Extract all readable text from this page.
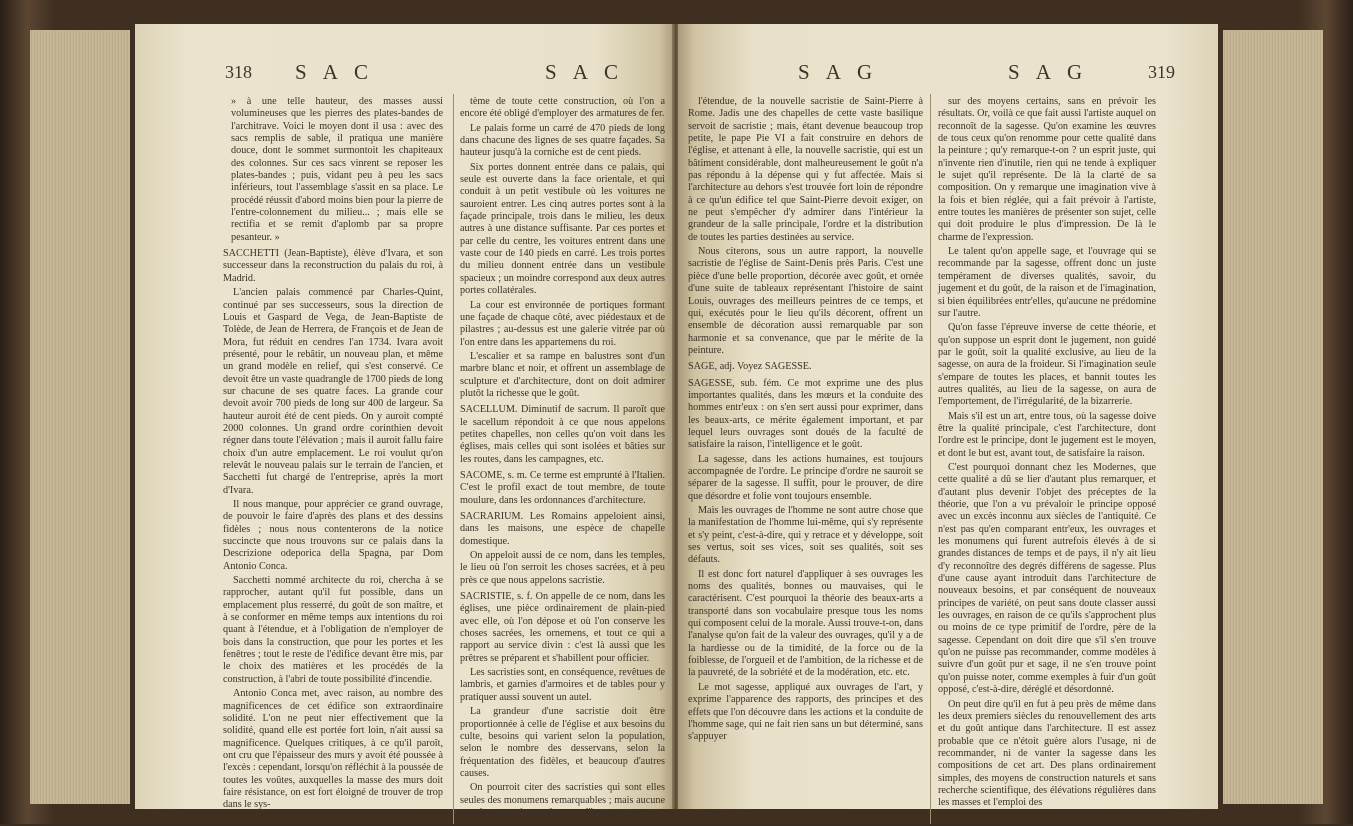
318 S A C	S A C

» à une telle hauteur, des masses aussi volumineuses que les pierres des plates-bandes de l'architrave. Voici le moyen dont il usa : avec des sacs remplis de sable, il pratiqua une manière douce, dont le sommet surmontoit les chapiteaux des colonnes. Sur ces sacs vinrent se reposer les plates-bandes ; puis, vidant peu à peu les sacs inférieurs, tout l'assemblage s'assit en sa place. Le procédé réussit d'abord moins bien pour la pierre de l'entre-colonnement du milieu... ; mais elle se rectifia et se remit d'aplomb par sa propre pesanteur. »

SACCHETTI (Jean-Baptiste), élève d'Ivara, et son successeur dans la reconstruction du palais du roi, à Madrid.

L'ancien palais commencé par Charles-Quint, continué par ses successeurs, sous la direction de Louis et Gaspard de Vega, de Jean-Baptiste de Tolède, de Jean de Herrera, de François et de Jean de Mora, fut réduit en cendres l'an 1734. Ivara avoit présenté, pour le rebâtir, un nouveau plan, et même un grand modèle en relief, qui s'est conservé. Ce devoit être un vaste quadrangle de 1700 pieds de long sur chacune de ses quatre faces. La grande cour devoit avoir 700 pieds de long sur 400 de largeur. Sa hauteur auroit été de cent pieds. On y auroit compté 2000 colonnes. Un grand ordre corinthien devoit régner dans toute l'élévation ; mais il auroit fallu faire choix d'un autre emplacement. Le roi voulut qu'on relevât le nouveau palais sur le terrain de l'ancien, et Sacchetti fut chargé de l'entreprise, après la mort d'Ivara.

Il nous manque, pour apprécier ce grand ouvrage, de pouvoir le faire d'après des plans et des dessins fidèles ; nous nous contenterons de la notice succincte que nous trouvons sur ce palais dans la Descrizione odeporica della Spagna, par Dom Antonio Conca.

Sacchetti nommé architecte du roi, chercha à se rapprocher, autant qu'il fut possible, dans un emplacement plus resserré, du goût de son maître, et à se conformer en même temps aux intentions du roi quant à l'étendue, et à l'obligation de n'employer de bois dans la construction, que pour les portes et les fenêtres ; tout le reste de l'édifice devant être mis, par le choix des matières et les procédés de la construction, à l'abri de toute possibilité d'incendie.

Antonio Conca met, avec raison, au nombre des magnificences de cet édifice son extraordinaire solidité. L'on ne peut nier effectivement que la solidité, quand elle est portée fort loin, n'ait aussi sa magnificence. Quelques critiques, à ce qu'il paroît, ont cru que l'épaisseur des murs y avoit été poussée à l'excès : cependant, lorsqu'on réfléchit à la poussée de toutes les voûtes, auxquelles la masse des murs doit faire résistance, on est fort éloigné de trouver de trop dans le sys-

tème de toute cette construction, où l'on a encore été obligé d'employer des armatures de fer.

Le palais forme un carré de 470 pieds de long dans chacune des lignes de ses quatre façades. Sa hauteur jusqu'à la corniche est de cent pieds.

Six portes donnent entrée dans ce palais, qui seule est ouverte dans la face orientale, et qui conduit à un petit vestibule où les voitures ne sauroient entrer. Les cinq autres portes sont à la façade principale, trois dans le milieu, les deux autres à une distance suffisante. Par ces portes et par celle du centre, les voitures entrent dans une vaste cour de 140 pieds en carré. Les trois portes du milieu donnent entrée dans un vestibule spacieux ; un moindre correspond aux deux autres portes collatérales.

La cour est environnée de portiques formant une façade de chaque côté, avec piédestaux et de pilastres ; au-dessus est une galerie vitrée par où l'on entre dans les appartemens du roi.

L'escalier et sa rampe en balustres sont d'un marbre blanc et noir, et offrent un assemblage de sculpture et d'architecture, dont on doit admirer plutôt la richesse que le goût.

SACELLUM. Diminutif de sacrum. Il paroît que le sacellum répondoit à ce que nous appelons petites chapelles, non celles qu'on voit dans les églises, mais celles qui sont isolées et bâties sur les routes, dans les campagnes, etc.

SACOME, s. m. Ce terme est emprunté à l'Italien. C'est le profil exact de tout membre, de toute moulure, dans les ordonnances d'architecture.

SACRARIUM. Les Romains appeloient ainsi, dans les maisons, une espèce de chapelle domestique.

On appeloit aussi de ce nom, dans les temples, le lieu où l'on serroit les choses sacrées, et à peu près ce que nous appelons sacristie.

SACRISTIE, s. f. On appelle de ce nom, dans les églises, une pièce ordinairement de plain-pied avec elle, où l'on dépose et où l'on conserve les choses sacrées, les ornemens, et tout ce qui a rapport au service divin : c'est là aussi que les prêtres se préparent et s'habillent pour officier.

Les sacristies sont, en conséquence, revêtues de lambris, et garnies d'armoires et de tables pour y pratiquer aussi souvent un autel.

La grandeur d'une sacristie doit être proportionnée à celle de l'église et aux besoins du culte, besoins qui varient selon la population, selon le nombre des desservans, selon la fréquentation des fidèles, et beaucoup d'autres causes.

On pourroit citer des sacristies qui sont elles seules des monumens remarquables ; mais aucune certainement n'approche, pour l'importance et

S A G	S A G	319

l'étendue, de la nouvelle sacristie de Saint-Pierre à Rome. Jadis une des chapelles de cette vaste basilique servoit de sacristie ; mais, étant devenue beaucoup trop petite, le pape Pie VI a fait construire en dehors de l'église, et attenant à elle, la nouvelle sacristie, qui est un bâtiment considérable, dont malheureusement le goût n'a pas répondu à la dépense qui y fut affectée. Mais si l'architecture au dehors s'est trouvée fort loin de répondre à ce qu'un édifice tel que Saint-Pierre devoit exiger, on ne peut s'empêcher d'y admirer dans l'intérieur la grandeur de la salle principale, l'ordre et la distribution de toutes les parties destinées au service.

Nous citerons, sous un autre rapport, la nouvelle sacristie de l'église de Saint-Denis près Paris. C'est une pièce d'une belle proportion, décorée avec goût, et ornée d'une suite de tableaux représentant l'histoire de saint Louis, ouvrages des meilleurs peintres de ce temps, et qui, exécutés pour le lieu qu'ils décorent, offrent un ensemble de décoration aussi remarquable par son harmonie et sa convenance, que par le mérite de la peinture.

SAGE, adj. Voyez SAGESSE.

SAGESSE, sub. fém. Ce mot exprime une des plus importantes qualités, dans les mœurs et la conduite des hommes entr'eux : on s'en sert aussi pour exprimer, dans les beaux-arts, ce mérite également important, et par lequel leurs ouvrages sont doués de la faculté de satisfaire la raison, l'intelligence et le goût.

La sagesse, dans les actions humaines, est toujours accompagnée de l'ordre. Le principe d'ordre ne sauroit se séparer de la sagesse. Il suffit, pour le prouver, de dire que désordre et folie vont toujours ensemble.

Mais les ouvrages de l'homme ne sont autre chose que la manifestation de l'homme lui-même, qui s'y représente et s'y peint, c'est-à-dire, qui y retrace et y développe, soit ses vertus, soit ses vices, soit ses qualités, soit ses défauts.

Il est donc fort naturel d'appliquer à ses ouvrages les noms des qualités, bonnes ou mauvaises, qui le caractérisent. C'est pourquoi la théorie des beaux-arts a transporté dans son vocabulaire presque tous les noms qui composent celui de la morale. Aussi trouve-t-on, dans l'analyse qu'on fait de la valeur des ouvrages, qu'il y a de la hardiesse ou de la timidité, de la force ou de la foiblesse, de l'orgueil et de l'ambition, de la richesse et de la pauvreté, de la sobriété et de la modération, etc. etc.

Le mot sagesse, appliqué aux ouvrages de l'art, y exprime l'apparence des rapports, des principes et des effets que l'on découvre dans les actions et la conduite de l'homme sage, qui ne fait rien sans un but déterminé, sans s'appuyer

sur des moyens certains, sans en prévoir les résultats. Or, voilà ce que fait aussi l'artiste auquel on reconnoît de la sagesse. Qu'on examine les œuvres de tous ceux qu'on renomme pour cette qualité dans la peinture ; qu'y remarque-t-on ? un esprit juste, qui n'invente rien d'inutile, rien qui ne tende à expliquer le sujet qu'il représente. De là la clarté de sa composition. On y remarque une imagination vive à la fois et bien réglée, qui a fait prévoir à l'artiste, entre toutes les manières de présenter son sujet, celle qui doit produire le plus d'impression. De là le charme de l'expression.

Le talent qu'on appelle sage, et l'ouvrage qui se recommande par la sagesse, offrent donc un juste tempérament de diverses qualités, savoir, du jugement et du goût, de la raison et de l'imagination, si bien équilibrées entr'elles, qu'aucune ne prédomine sur l'autre.

Qu'on fasse l'épreuve inverse de cette théorie, et qu'on suppose un esprit dont le jugement, non guidé par le goût, soit la qualité exclusive, au lieu de la sagesse, on aura de la froideur. Si l'imagination seule s'empare de toutes les places, et bannit toutes les autres qualités, au lieu de la sagesse, on aura de l'emportement, de l'irrégularité, de la bizarrerie.

Mais s'il est un art, entre tous, où la sagesse doive être la qualité principale, c'est l'architecture, dont l'ordre est le principe, dont le jugement est le moyen, et dont le but est, avant tout, de satisfaire la raison.

C'est pourquoi donnant chez les Modernes, que cette qualité a dû se lier d'autant plus remarquer, et d'autant plus devenir l'objet des préceptes de la théorie, que l'on a vu prévaloir le principe opposé avec un excès inconnu aux siècles de l'antiquité. Ce n'est pas qu'en comparant entr'eux, les ouvrages et les monumens qui furent autrefois élevés à de si grandes distances de temps et de pays, il n'y ait lieu d'y reconnoître des degrés différens de sagesse. Plus d'une cause ayant introduit dans l'architecture de nouveaux besoins, et par conséquent de nouveaux principes de variété, on peut sans doute classer aussi les ouvrages, en raison de ce qu'ils s'approchent plus ou moins de ce type primitif de l'ordre, père de la sagesse. Cependant on doit dire que s'il s'en trouve qu'on ne puisse pas recommander, comme modèles à suivre d'un goût pur et sage, il ne s'en trouve point qu'on puisse noter, comme exemples à fuir d'un goût opposé, c'est-à-dire, déréglé et désordonné.

On peut dire qu'il en fut à peu près de même dans les deux premiers siècles du renouvellement des arts et du goût antique dans l'architecture. Il est assez probable que ce n'étoit guère alors l'usage, ni de recommander, ni de vanter la sagesse dans les compositions de cet art. Des plans ordinairement simples, des moyens de construction naturels et sans recherche scientifique, des élévations régulières dans les masses et l'emploi des
